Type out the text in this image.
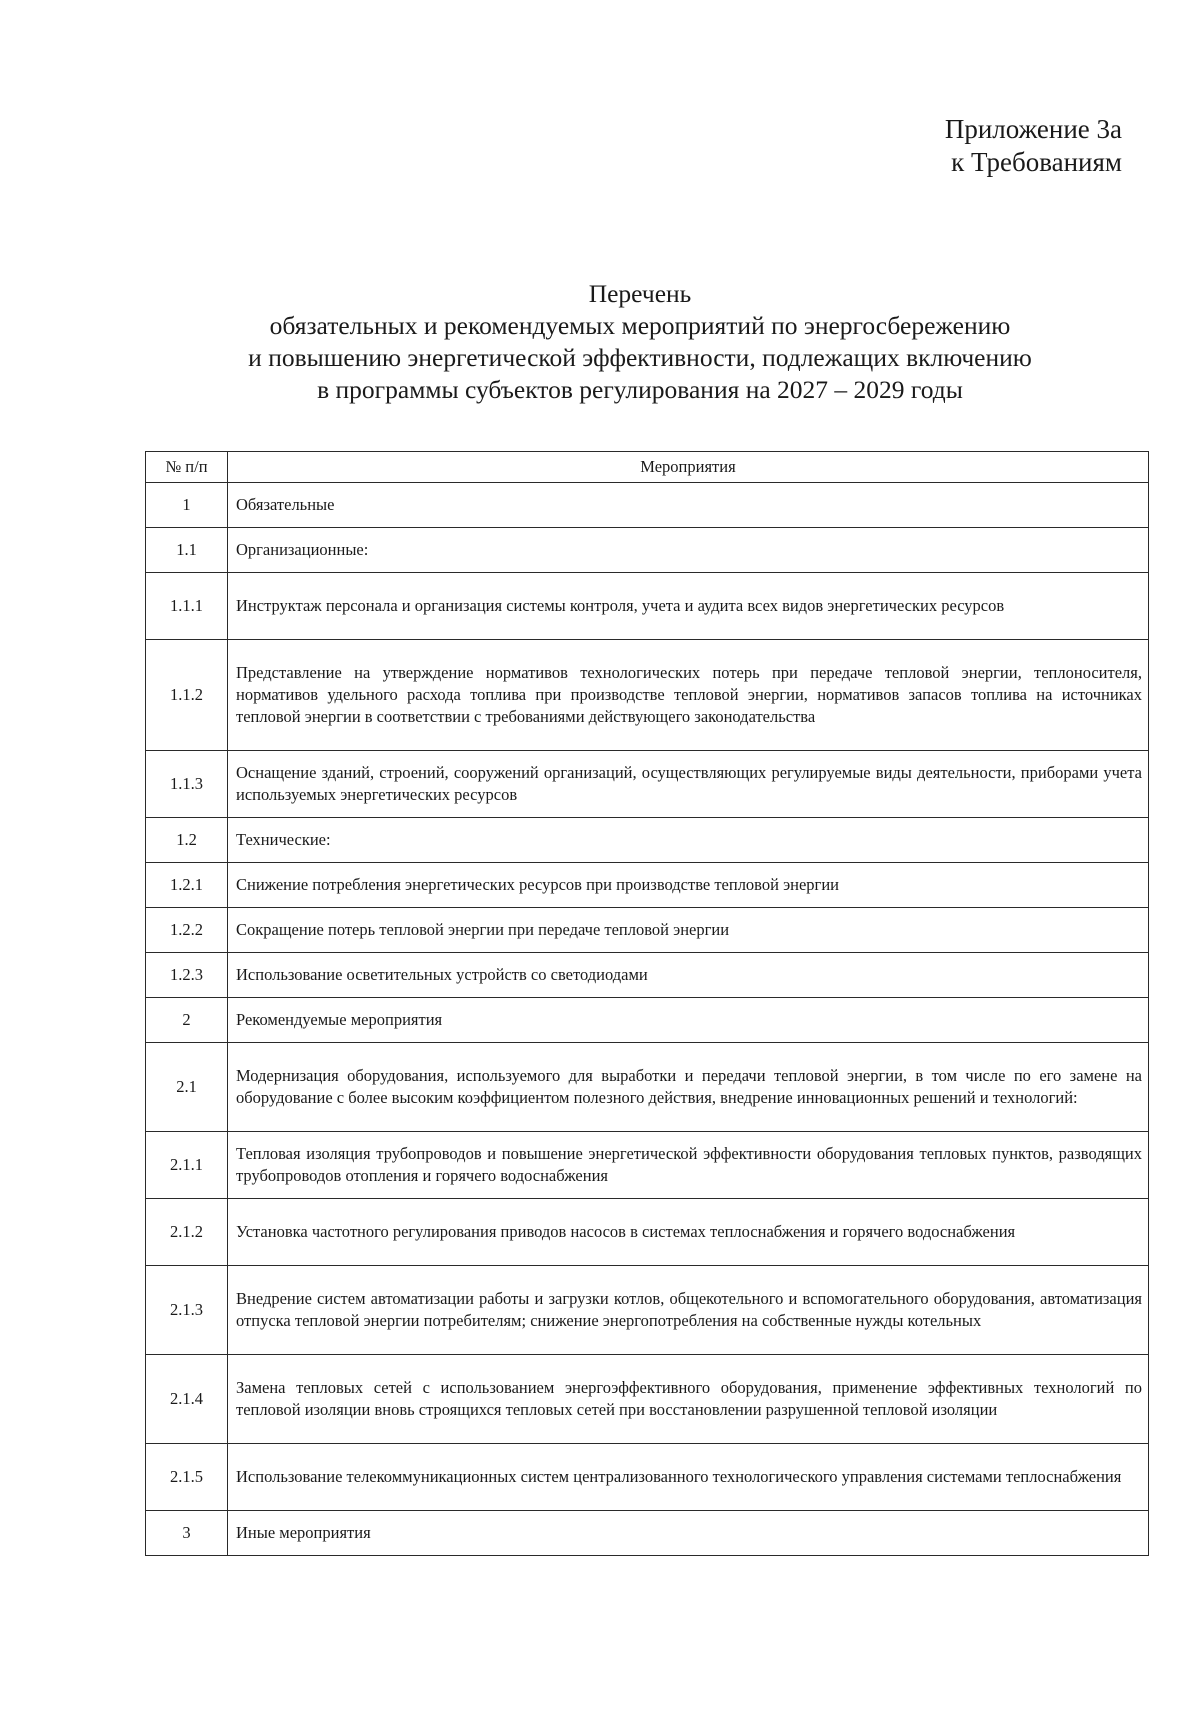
Приложение 3а
к Требованиям
Перечень
обязательных и рекомендуемых мероприятий по энергосбережению
и повышению энергетической эффективности, подлежащих включению
в программы субъектов регулирования на 2027 – 2029 годы
№ п/п	Мероприятия
1	Обязательные
1.1	Организационные:
1.1.1	Инструктаж персонала и организация системы контроля, учета и аудита всех видов энергетических ресурсов
1.1.2	Представление на утверждение нормативов технологических потерь при передаче тепловой энергии, теплоносителя, нормативов удельного расхода топлива при производстве тепловой энергии, нормативов запасов топлива на источниках тепловой энергии в соответствии с требованиями действующего законодательства
1.1.3	Оснащение зданий, строений, сооружений организаций, осуществляющих регулируемые виды деятельности, приборами учета используемых энергетических ресурсов
1.2	Технические:
1.2.1	Снижение потребления энергетических ресурсов при производстве тепловой энергии
1.2.2	Сокращение потерь тепловой энергии при передаче тепловой энергии
1.2.3	Использование осветительных устройств со светодиодами
2	Рекомендуемые мероприятия
2.1	Модернизация оборудования, используемого для выработки и передачи тепловой энергии, в том числе по его замене на оборудование с более высоким коэффициентом полезного действия, внедрение инновационных решений и технологий:
2.1.1	Тепловая изоляция трубопроводов и повышение энергетической эффективности оборудования тепловых пунктов, разводящих трубопроводов отопления и горячего водоснабжения
2.1.2	Установка частотного регулирования приводов насосов в системах теплоснабжения и горячего водоснабжения
2.1.3	Внедрение систем автоматизации работы и загрузки котлов, общекотельного и вспомогательного оборудования, автоматизация отпуска тепловой энергии потребителям; снижение энергопотребления на собственные нужды котельных
2.1.4	Замена тепловых сетей с использованием энергоэффективного оборудования, применение эффективных технологий по тепловой изоляции вновь строящихся тепловых сетей при восстановлении разрушенной тепловой изоляции
2.1.5	Использование телекоммуникационных систем централизованного технологического управления системами теплоснабжения
3	Иные мероприятия
